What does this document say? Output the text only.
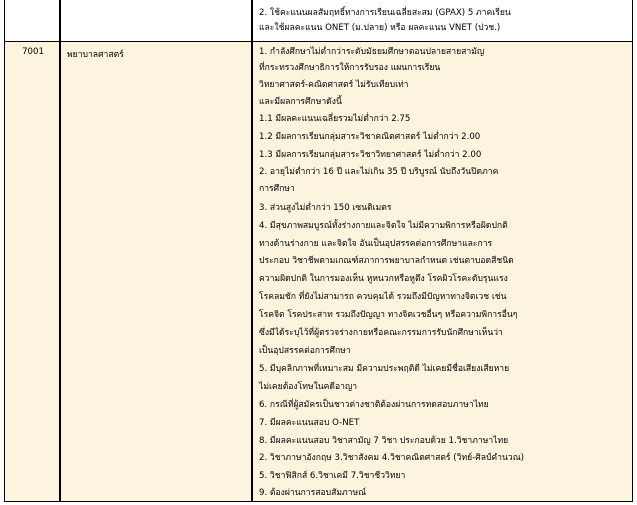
2. ใช้คะแนนผลสัมฤทธิ์ทางการเรียนเฉลี่ยสะสม (GPAX) 5 ภาคเรียน
และใช้ผลคะแนน ONET (ม.ปลาย) หรือ ผลคะแนน VNET (ปวช.)
7001	พยาบาลศาสตร์	1. กำลังศึกษาไม่ต่ำกว่าระดับมัธยมศึกษาตอนปลายสายสามัญ
ที่กระทรวงศึกษาธิการให้การรับรอง แผนการเรียน
วิทยาศาสตร์-คณิตศาสตร์ ไม่รับเทียบเท่า
และมีผลการศึกษาดังนี้
1.1 มีผลคะแนนเฉลี่ยรวมไม่ต่ำกว่า 2.75
1.2 มีผลการเรียนกลุ่มสาระวิชาคณิตศาสตร์ ไม่ต่ำกว่า 2.00
1.3 มีผลการเรียนกลุ่มสาระวิชาวิทยาศาสตร์ ไม่ต่ำกว่า 2.00
2. อายุไม่ต่ำกว่า 16 ปี และไม่เกิน 35 ปี บริบูรณ์ นับถึงวันปิดภาค
การศึกษา
3. ส่วนสูงไม่ต่ำกว่า 150 เซนติเมตร
4. มีสุขภาพสมบูรณ์ทั้งร่างกายและจิตใจ ไม่มีความพิการหรือผิดปกติ
ทางด้านร่างกาย และจิตใจ อันเป็นอุปสรรคต่อการศึกษาและการ
ประกอบ วิชาชีพตามเกณฑ์สภาการพยาบาลกำหนด เช่นตาบอดสีชนิด
ความผิดปกติ ในการมองเห็น หูหนวกหรือหูตึง โรคผิวโรคะดับรุนแรง
โรคลมชัก ที่ยังไม่สามารถ ควบคุมได้ รวมถึงมีปัญหาทางจิตเวช เช่น
โรคจิต โรคประสาท รวมถึงปัญญา ทางจิตเวชอื่นๆ หรือความพิการอื่นๆ
ซึ่งมีได้ระบุไว้ที่ผู้ตรวจร่างกายหรือคณะกรรมการรับนักศึกษาเห็นว่า
เป็นอุปสรรคต่อการศึกษา
5. มีบุคลิกภาพที่เหมาะสม มีความประพฤติดี ไม่เคยมีชื่อเสียงเสียหาย
ไม่เคยต้องโทษในคดีอาญา
6. กรณีที่ผู้สมัครเป็นชาวต่างชาติต้องผ่านการทดสอบภาษาไทย
7. มีผลคะแนนสอบ O-NET
8. มีผลคะแนนสอบ วิชาสามัญ 7 วิชา ประกอบด้วย 1.วิชาภาษาไทย
2. วิชาภาษาอังกฤษ 3.วิชาสังคม 4.วิชาคณิตศาสตร์ (วิทย์-ศิลป์คำนวณ)
5. วิชาฟิสิกส์ 6.วิชาเคมี 7.วิชาชีววิทยา
9. ต้องผ่านการสอบสัมภาษณ์
